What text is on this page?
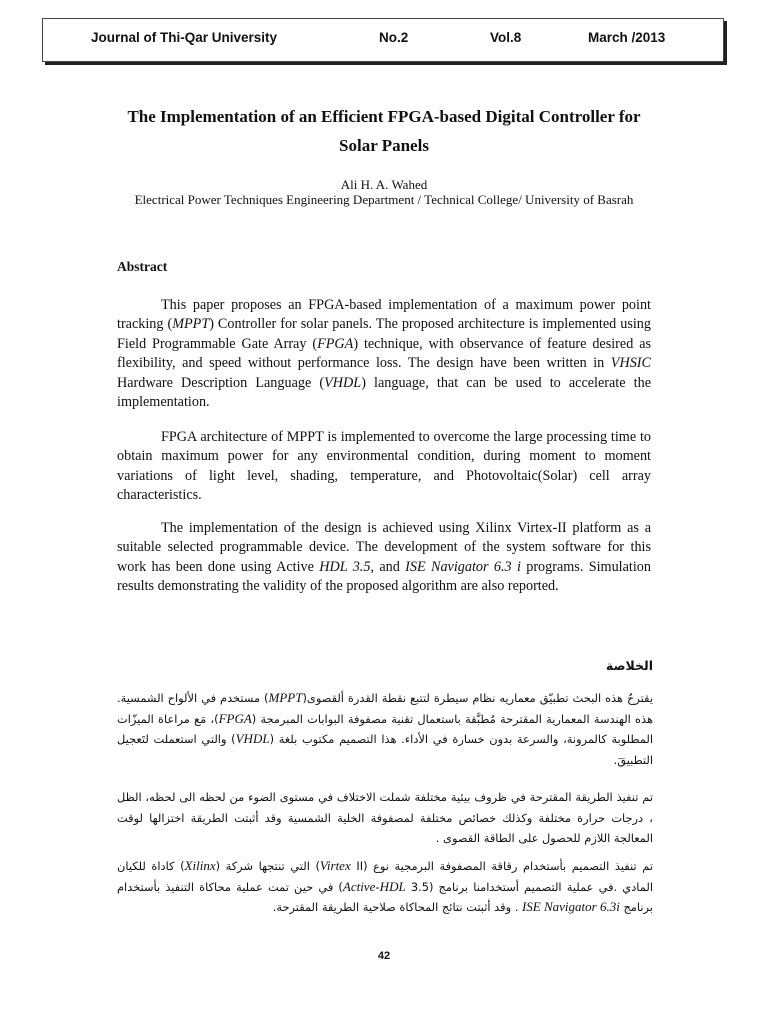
Journal of Thi-Qar University	No.2	Vol.8	March /2013
The Implementation of an Efficient FPGA-based Digital Controller for
Solar Panels
Ali H. A. Wahed
Electrical Power Techniques Engineering Department / Technical College/ University of Basrah
Abstract

This paper proposes an FPGA-based implementation of a maximum power point tracking (MPPT) Controller for solar panels. The proposed architecture is implemented using Field Programmable Gate Array (FPGA) technique, with observance of feature desired as flexibility, and speed without performance loss. The design have been written in VHSIC Hardware Description Language (VHDL) language, that can be used to accelerate the implementation.

FPGA architecture of MPPT is implemented to overcome the large processing time to obtain maximum power for any environmental condition, during moment to moment variations of light level, shading, temperature, and Photovoltaic(Solar) cell array characteristics.

The implementation of the design is achieved using Xilinx Virtex-II platform as a suitable selected programmable device. The development of the system software for this work has been done using Active HDL 3.5, and ISE Navigator 6.3 i programs. Simulation results demonstrating the validity of the proposed algorithm are also reported.

الخلاصة

يقترحُ هذه البحث تطبيّق معماريه نظام سيطرة لتتبع نقطة القدرة ألقصوى(MPPT) مستخدم في الألواح الشمسية. هذه الهندسة المعمارية المقترحة مُطبَّقة باستعمال تقنية مصفوفة البوابات المبرمجة (FPGA)، مَع مراعاة الميزّات المطلوبة كالمرونة، والسرعة بدون خسارة في الأداء. هذا التصميم مكتوب بلغة (VHDL) والتي استعملت لتَعجيل التطبيقَ.

تم تنفيذ الطريقة المقترحة في ظروف بيئية مختلفة شملت الاختلاف في مستوى الضوء من لحظه الى لحظه، الظل ، درجات حرارة مختلفة وكذلك خصائص مختلفة لمصفوفة الخلية الشمسية وقد أثبتت الطريقة اختزالها لوقت المعالجة اللازم للحصول على الطاقة القصوى .

تم تنفيذ التصميم بأستخدام رقاقة المصفوفة البرمجية نوع (Virtex II) التي تنتجها شركة (Xilinx) كاداة للكيان المادي .في عملية التصميم أستخدامنا برنامج (Active-HDL 3.5) في حين تمت عملية محاكاة التنفيذ بأستخدام برنامج ISE Navigator 6.3i . وقد أثبتت نتائج المحاكاة صلاحية الطريقة المقترحة.

42
